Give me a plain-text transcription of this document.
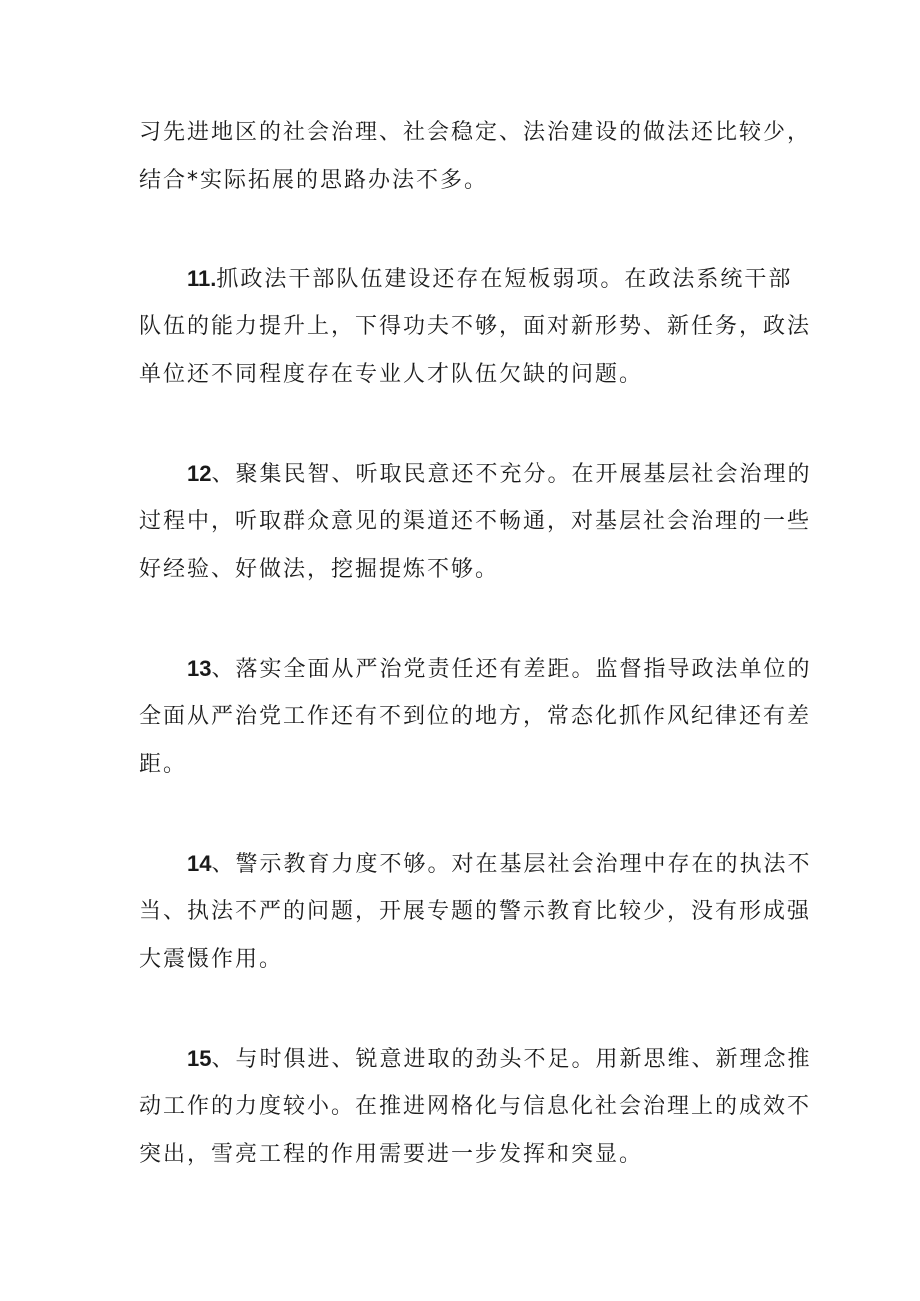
习先进地区的社会治理、社会稳定、法治建设的做法还比较少，
结合*实际拓展的思路办法不多。
11.抓政法干部队伍建设还存在短板弱项。在政法系统干部
队伍的能力提升上，下得功夫不够，面对新形势、新任务，政法
单位还不同程度存在专业人才队伍欠缺的问题。
12、聚集民智、听取民意还不充分。在开展基层社会治理的
过程中，听取群众意见的渠道还不畅通，对基层社会治理的一些
好经验、好做法，挖掘提炼不够。
13、落实全面从严治党责任还有差距。监督指导政法单位的
全面从严治党工作还有不到位的地方，常态化抓作风纪律还有差
距。
14、警示教育力度不够。对在基层社会治理中存在的执法不
当、执法不严的问题，开展专题的警示教育比较少，没有形成强
大震慑作用。
15、与时俱进、锐意进取的劲头不足。用新思维、新理念推
动工作的力度较小。在推进网格化与信息化社会治理上的成效不
突出，雪亮工程的作用需要进一步发挥和突显。
